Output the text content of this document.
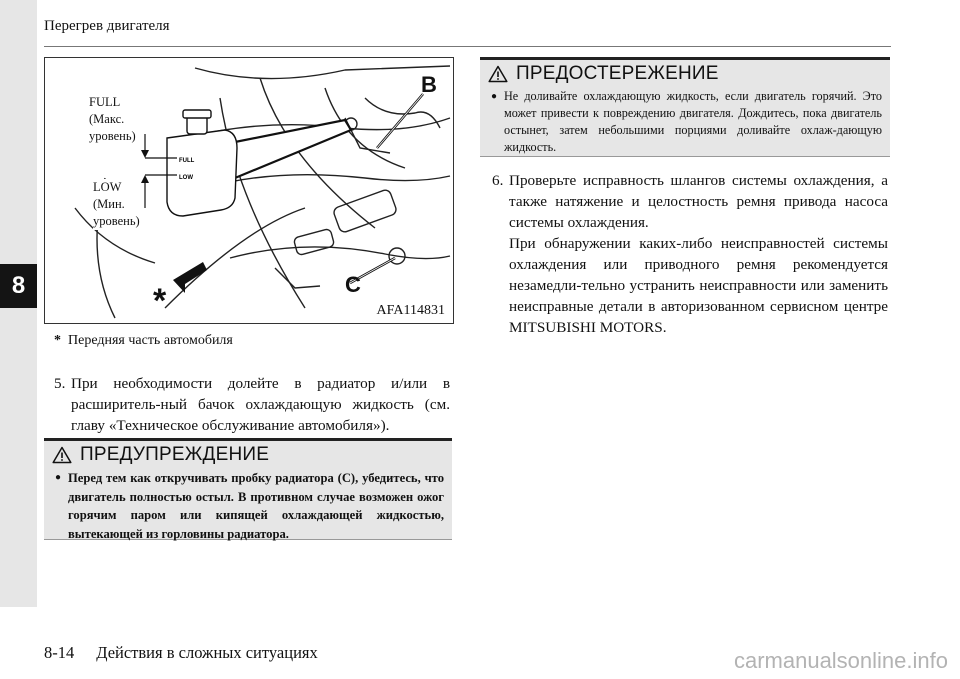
8
Перегрев двигателя
FULL
LOW
FULL
(Макс.
уровень)
LOW
(Мин.
уровень)
B
C
*	AFA114831
* Передняя часть автомобиля
5. При необходимости долейте в радиатор и/или в расширитель-ный бачок охлаждающую жидкость (см. главу «Техническое обслуживание автомобиля»).

ПРЕДУПРЕЖДЕНИЕ
● Перед тем как откручивать пробку радиатора (C), убедитесь, что двигатель полностью остыл. В противном случае возможен ожог горячим паром или кипящей охлаждающей жидкостью, вытекающей из горловины радиатора.
ПРЕДОСТЕРЕЖЕНИЕ
● Не доливайте охлаждающую жидкость, если двигатель горячий. Это может привести к повреждению двигателя. Дождитесь, пока двигатель остынет, затем небольшими порциями доливайте охлаж-дающую жидкость.
6. Проверьте исправность шлангов системы охлаждения, а также натяжение и целостность ремня привода насоса системы охлаждения.

При обнаружении каких-либо неисправностей системы охлаждения или приводного ремня рекомендуется незамедли-тельно устранить неисправности или заменить неисправные детали в авторизованном сервисном центре MITSUBISHI MOTORS.

8-14 Действия в сложных ситуациях	carmanualsonline.info
